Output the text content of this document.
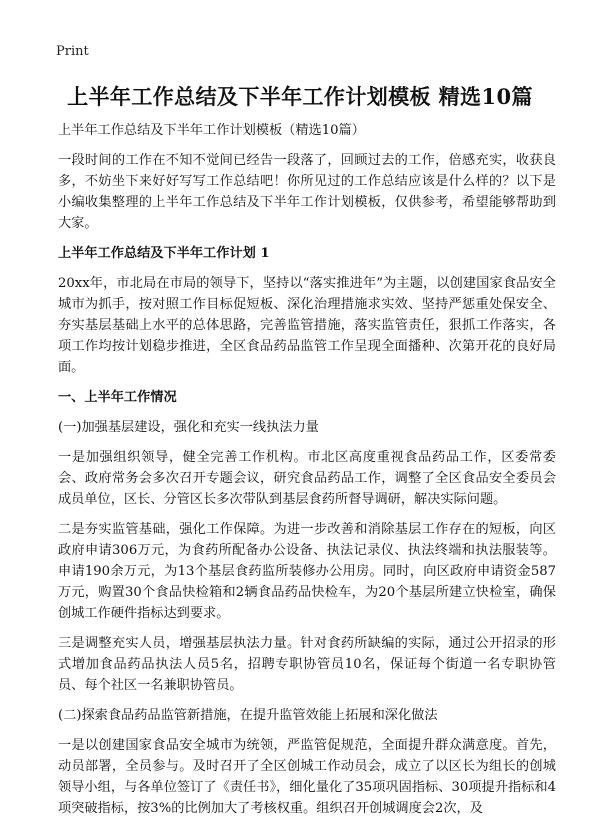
Print
上半年工作总结及下半年工作计划模板 精选10篇

上半年工作总结及下半年工作计划模板（精选10篇）

一段时间的工作在不知不觉间已经告一段落了，回顾过去的工作，倍感充实，收获良多，不妨坐下来好好写写工作总结吧！你所见过的工作总结应该是什么样的？以下是小编收集整理的上半年工作总结及下半年工作计划模板，仅供参考，希望能够帮助到大家。

上半年工作总结及下半年工作计划 1

20xx年，市北局在市局的领导下，坚持以“落实推进年”为主题，以创建国家食品安全城市为抓手，按对照工作目标促短板、深化治理措施求实效、坚持严惩重处保安全、夯实基层基础上水平的总体思路，完善监管措施，落实监管责任，狠抓工作落实，各项工作均按计划稳步推进，全区食品药品监管工作呈现全面播种、次第开花的良好局面。

一、上半年工作情况

(一)加强基层建设，强化和充实一线执法力量

一是加强组织领导，健全完善工作机构。市北区高度重视食品药品工作，区委常委会、政府常务会多次召开专题会议，研究食品药品工作，调整了全区食品安全委员会成员单位，区长、分管区长多次带队到基层食药所督导调研，解决实际问题。

二是夯实监管基础，强化工作保障。为进一步改善和消除基层工作存在的短板，向区政府申请306万元，为食药所配备办公设备、执法记录仪、执法终端和执法服装等。申请190余万元，为13个基层食药监所装修办公用房。同时，向区政府申请资金587万元，购置30个食品快检箱和2辆食品药品快检车，为20个基层所建立快检室，确保创城工作硬件指标达到要求。

三是调整充实人员，增强基层执法力量。针对食药所缺编的实际，通过公开招录的形式增加食品药品执法人员5名，招聘专职协管员10名，保证每个街道一名专职协管员、每个社区一名兼职协管员。

(二)探索食品药品监管新措施，在提升监管效能上拓展和深化做法

一是以创建国家食品安全城市为统领，严监管促规范，全面提升群众满意度。首先，动员部署，全员参与。及时召开了全区创城工作动员会，成立了以区长为组长的创城领导小组，与各单位签订了《责任书》，细化量化了35项巩固指标、30项提升指标和4项突破指标，按3%的比例加大了考核权重。组织召开创城调度会2次，及
